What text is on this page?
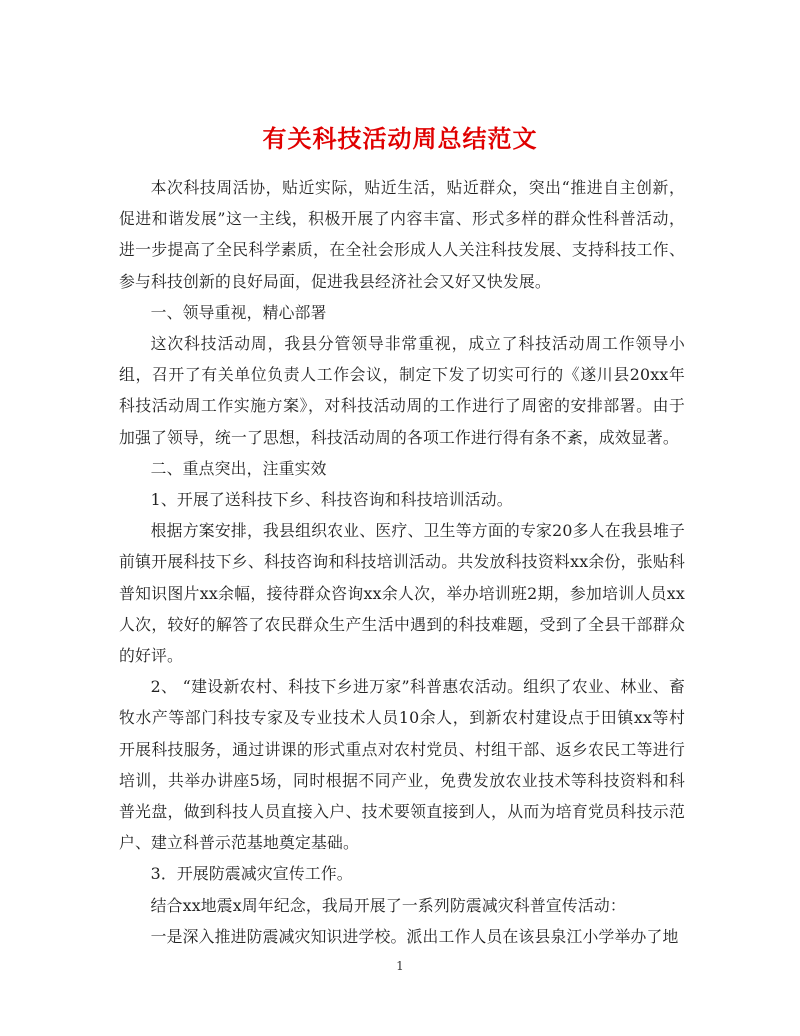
有关科技活动周总结范文

本次科技周活协，贴近实际，贴近生活，贴近群众，突出“推进自主创新，促进和谐发展”这一主线，积极开展了内容丰富、形式多样的群众性科普活动，进一步提高了全民科学素质，在全社会形成人人关注科技发展、支持科技工作、参与科技创新的良好局面，促进我县经济社会又好又快发展。

一、领导重视，精心部署

这次科技活动周，我县分管领导非常重视，成立了科技活动周工作领导小组，召开了有关单位负责人工作会议，制定下发了切实可行的《遂川县20xx年科技活动周工作实施方案》，对科技活动周的工作进行了周密的安排部署。由于加强了领导，统一了思想，科技活动周的各项工作进行得有条不紊，成效显著。

二、重点突出，注重实效

1、开展了送科技下乡、科技咨询和科技培训活动。

根据方案安排，我县组织农业、医疗、卫生等方面的专家20多人在我县堆子前镇开展科技下乡、科技咨询和科技培训活动。共发放科技资料xx余份，张贴科普知识图片xx余幅，接待群众咨询xx余人次，举办培训班2期，参加培训人员xx人次，较好的解答了农民群众生产生活中遇到的科技难题，受到了全县干部群众的好评。

2、 “建设新农村、科技下乡进万家”科普惠农活动。组织了农业、林业、畜牧水产等部门科技专家及专业技术人员10余人，到新农村建设点于田镇xx等村开展科技服务，通过讲课的形式重点对农村党员、村组干部、返乡农民工等进行培训，共举办讲座5场，同时根据不同产业，免费发放农业技术等科技资料和科普光盘，做到科技人员直接入户、技术要领直接到人，从而为培育党员科技示范户、建立科普示范基地奠定基础。

3．开展防震减灾宣传工作。

结合xx地震x周年纪念，我局开展了一系列防震减灾科普宣传活动：

一是深入推进防震减灾知识进学校。派出工作人员在该县泉江小学举办了地

1
